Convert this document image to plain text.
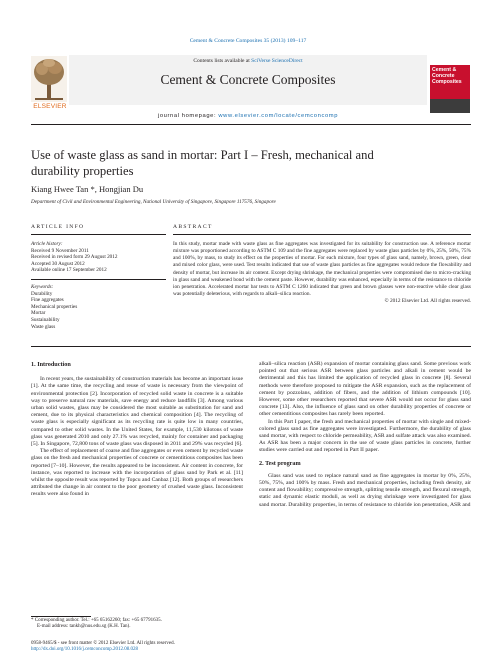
Cement & Concrete Composites 35 (2013) 109–117
ELSEVIER
Contents lists available at SciVerse ScienceDirect
Cement & Concrete Composites
Cement & Concrete Composites
journal homepage: www.elsevier.com/locate/cemconcomp
Use of waste glass as sand in mortar: Part I – Fresh, mechanical and
durability properties
Kiang Hwee Tan *, Hongjian Du
Department of Civil and Environmental Engineering, National University of Singapore, Singapore 117576, Singapore
ARTICLE INFO	ABSTRACT
Article history:
Received 9 November 2011
Received in revised form 29 August 2012
Accepted 30 August 2012
Available online 17 September 2012
Keywords:
Durability
Fine aggregates
Mechanical properties
Mortar
Sustainability
Waste glass
In this study, mortar made with waste glass as fine aggregates was investigated for its suitability for construction use. A reference mortar mixture was proportioned according to ASTM C 109 and the fine aggregates were replaced by waste glass particles by 0%, 25%, 50%, 75% and 100%, by mass, to study its effect on the properties of mortar. For each mixture, four types of glass sand, namely, brown, green, clear and mixed color glass, were used. Test results indicated that use of waste glass particles as fine aggregates would reduce the flowability and density of mortar, but increase its air content. Except drying shrinkage, the mechanical properties were compromised due to micro-cracking in glass sand and weakened bond with the cement paste. However, durability was enhanced, especially in terms of the resistance to chloride ion penetration. Accelerated mortar bar tests to ASTM C 1260 indicated that green and brown glasses were non-reactive while clear glass was potentially deleterious, with regards to alkali–silica reaction.
© 2012 Elsevier Ltd. All rights reserved.

1. Introduction

In recent years, the sustainability of construction materials has become an important issue [1]. At the same time, the recycling and reuse of waste is necessary from the viewpoint of environmental protection [2]. Incorporation of recycled solid waste in concrete is a suitable way to preserve natural raw materials, save energy and reduce landfills [3]. Among various urban solid wastes, glass may be considered the most suitable as substitution for sand and cement, due to its physical characteristics and chemical composition [4]. The recycling of waste glass is especially significant as its recycling rate is quite low in many countries, compared to other solid wastes. In the United States, for example, 11,530 kilotons of waste glass was generated 2010 and only 27.1% was recycled, mainly for container and packaging [5]. In Singapore, 72,800 tons of waste glass was disposed in 2011 and 29% was recycled [6].

The effect of replacement of coarse and fine aggregates or even cement by recycled waste glass on the fresh and mechanical properties of concrete or cementitious composites has been reported [7–10]. However, the results appeared to be inconsistent. Air content in concrete, for instance, was reported to increase with the incorporation of glass sand by Park et al. [11] whilst the opposite result was reported by Topcu and Canbaz [12]. Both groups of researchers attributed the change in air content to the poor geometry of crushed waste glass. Inconsistent results were also found in

alkali–silica reaction (ASR) expansion of mortar containing glass sand. Some previous work pointed out that serious ASR between glass particles and alkali in cement would be detrimental and this has limited the application of recycled glass in concrete [8]. Several methods were therefore proposed to mitigate the ASR expansion, such as the replacement of cement by pozzolans, addition of fibers, and the addition of lithium compounds [10]. However, some other researchers reported that severe ASR would not occur for glass sand concrete [13]. Also, the influence of glass sand on other durability properties of concrete or other cementitious composites has rarely been reported.

In this Part I paper, the fresh and mechanical properties of mortar with single and mixed-colored glass sand as fine aggregates were investigated. Furthermore, the durability of glass sand mortar, with respect to chloride permeability, ASR and sulfate attack was also examined. As ASR has been a major concern in the use of waste glass particles in concrete, further studies were carried out and reported in Part II paper.

2. Test program

Glass sand was used to replace natural sand as fine aggregates in mortar by 0%, 25%, 50%, 75%, and 100% by mass. Fresh and mechanical properties, including fresh density, air content and flowability; compressive strength, splitting tensile strength, and flexural strength, static and dynamic elastic moduli, as well as drying shrinkage were investigated for glass sand mortar. Durability properties, in terms of resistance to chloride ion penetration, ASR and

* Corresponding author. Tel.: +65 65162260; fax: +65 67791635.
E-mail address: tankh@nus.edu.sg (K.H. Tan).
0958-9465/$ - see front matter © 2012 Elsevier Ltd. All rights reserved.
http://dx.doi.org/10.1016/j.cemconcomp.2012.08.028
